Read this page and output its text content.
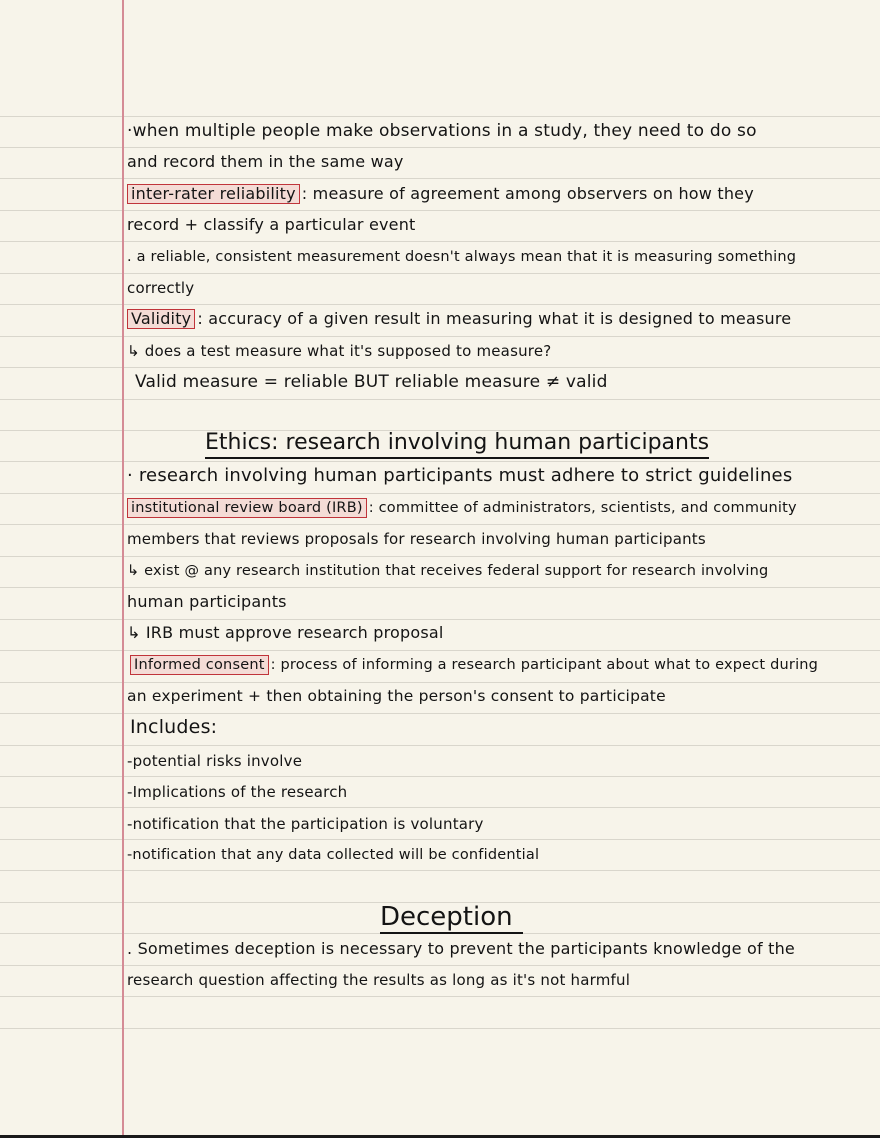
·when multiple people make observations in a study, they need to do so
and record them in the same way
inter-rater reliability : measure of agreement among observers on how they
record + classify a particular event
. a reliable, consistent measurement doesn't always mean that it is measuring something
correctly
Validity : accuracy of a given result in measuring what it is designed to measure
↳ does a test measure what it's supposed to measure?
Valid measure = reliable BUT reliable measure ≠ valid
Ethics: research involving human participants
· research involving human participants must adhere to strict guidelines
institutional review board (IRB) : committee of administrators, scientists, and community
members that reviews proposals for research involving human participants
↳ exist @ any research institution that receives federal support for research involving
human participants
↳ IRB must approve research proposal
Informed consent : process of informing a research participant about what to expect during
an experiment + then obtaining the person's consent to participate
Includes:
-potential risks involve
-Implications of the research
-notification that the participation is voluntary
-notification that any data collected will be confidential
Deception
. Sometimes deception is necessary to prevent the participants knowledge of the
research question affecting the results as long as it's not harmful
